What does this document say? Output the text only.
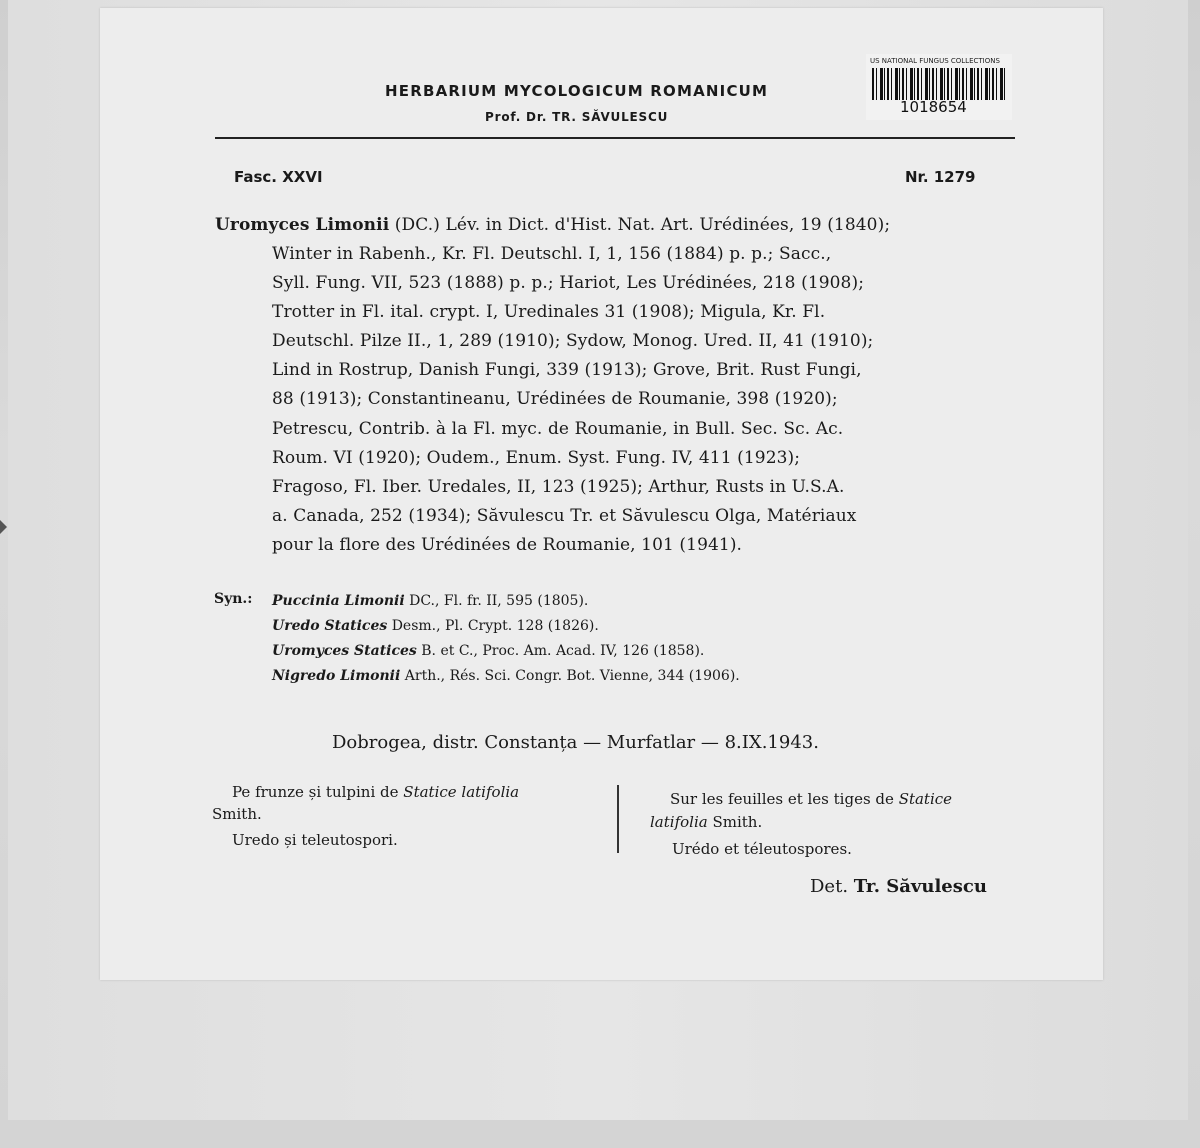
HERBARIUM MYCOLOGICUM ROMANICUM
Prof. Dr. TR. SĂVULESCU
US NATIONAL FUNGUS COLLECTIONS
1018654
Fasc. XXVI	Nr. 1279
Uromyces Limonii (DC.) Lév. in Dict. d'Hist. Nat. Art. Urédinées, 19 (1840);
Winter in Rabenh., Kr. Fl. Deutschl. I, 1, 156 (1884) p. p.; Sacc.,
Syll. Fung. VII, 523 (1888) p. p.; Hariot, Les Urédinées, 218 (1908);
Trotter in Fl. ital. crypt. I, Uredinales 31 (1908); Migula, Kr. Fl.
Deutschl. Pilze II., 1, 289 (1910); Sydow, Monog. Ured. II, 41 (1910);
Lind in Rostrup, Danish Fungi, 339 (1913); Grove, Brit. Rust Fungi,
88 (1913); Constantineanu, Urédinées de Roumanie, 398 (1920);
Petrescu, Contrib. à la Fl. myc. de Roumanie, in Bull. Sec. Sc. Ac.
Roum. VI (1920); Oudem., Enum. Syst. Fung. IV, 411 (1923);
Fragoso, Fl. Iber. Uredales, II, 123 (1925); Arthur, Rusts in U.S.A.
a. Canada, 252 (1934); Săvulescu Tr. et Săvulescu Olga, Matériaux
pour la flore des Urédinées de Roumanie, 101 (1941).
Syn.: Puccinia Limonii DC., Fl. fr. II, 595 (1805).
Uredo Statices Desm., Pl. Crypt. 128 (1826).
Uromyces Statices B. et C., Proc. Am. Acad. IV, 126 (1858).
Nigredo Limonii Arth., Rés. Sci. Congr. Bot. Vienne, 344 (1906).
Dobrogea, distr. Constanța — Murfatlar — 8.IX.1943.
Pe frunze și tulpini de Statice latifolia
Smith.
Uredo și teleutospori.
Sur les feuilles et les tiges de Statice
latifolia Smith.
Urédo et téleutospores.
Det. Tr. Săvulescu
